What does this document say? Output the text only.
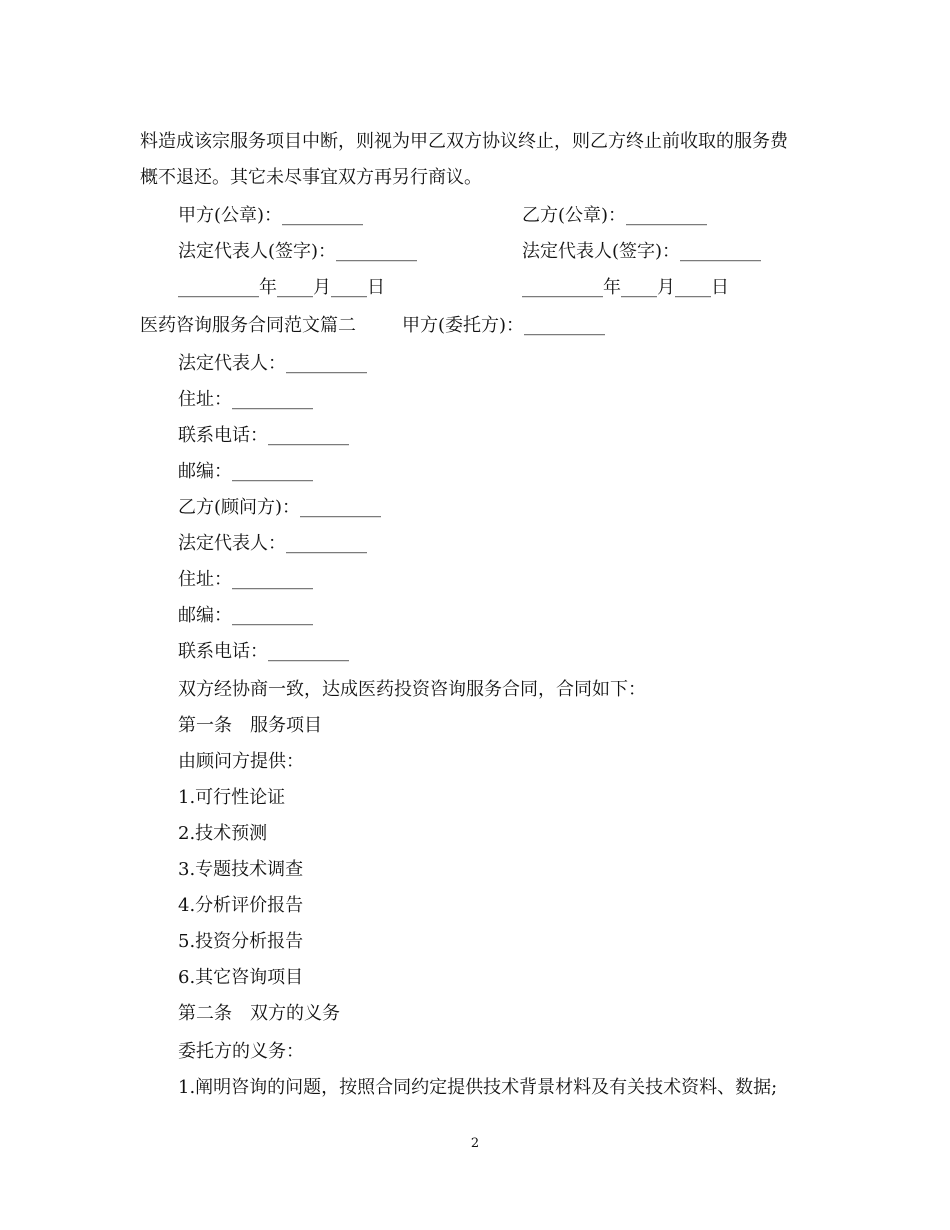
料造成该宗服务项目中断，则视为甲乙双方协议终止，则乙方终止前收取的服务费
概不退还。其它未尽事宜双方再另行商议。
甲方(公章)：_________	乙方(公章)：_________
法定代表人(签字)：_________	法定代表人(签字)：_________
_________年____月____日	_________年____月____日
医药咨询服务合同范文篇二	甲方(委托方)：_________
法定代表人：_________
住址：_________
联系电话：_________
邮编：_________
乙方(顾问方)：_________
法定代表人：_________
住址：_________
邮编：_________
联系电话：_________
双方经协商一致，达成医药投资咨询服务合同，合同如下：
第一条　服务项目
由顾问方提供：
1.可行性论证
2.技术预测
3.专题技术调查
4.分析评价报告
5.投资分析报告
6.其它咨询项目
第二条　双方的义务
委托方的义务：
1.阐明咨询的问题，按照合同约定提供技术背景材料及有关技术资料、数据;
2
